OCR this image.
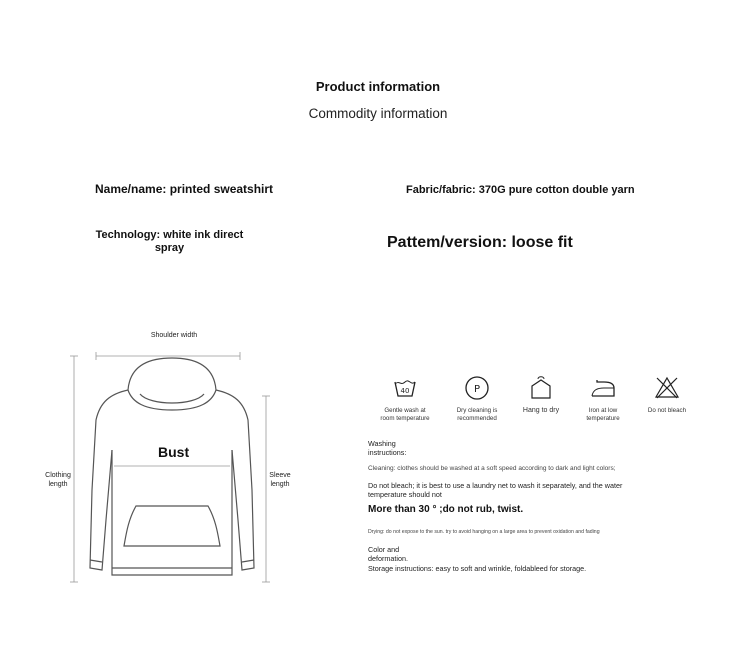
Product information
Commodity information
Name/name: printed sweatshirt	Fabric/fabric: 370G pure cotton double yarn
Technology: white ink direct spray	Pattem/version: loose fit
Shoulder width
Bust
Clothing length
Sleeve length
40
Gentle wash at room temperature
P
Dry cleaning is recommended
Hang to dry	Iron at low temperature
Do not bleach
Washing instructions:
Cleaning: clothes should be washed at a soft speed according to dark and light colors;
Do not bleach; it is best to use a laundry net to wash it separately, and the water temperature should not
More than 30 ° ;do not rub, twist.
Drying: do not expose to the sun. try to avoid hanging on a large area to prevent oxidation and fading
Color and deformation.
Storage instructions: easy to soft and wrinkle, foldableed for storage.
